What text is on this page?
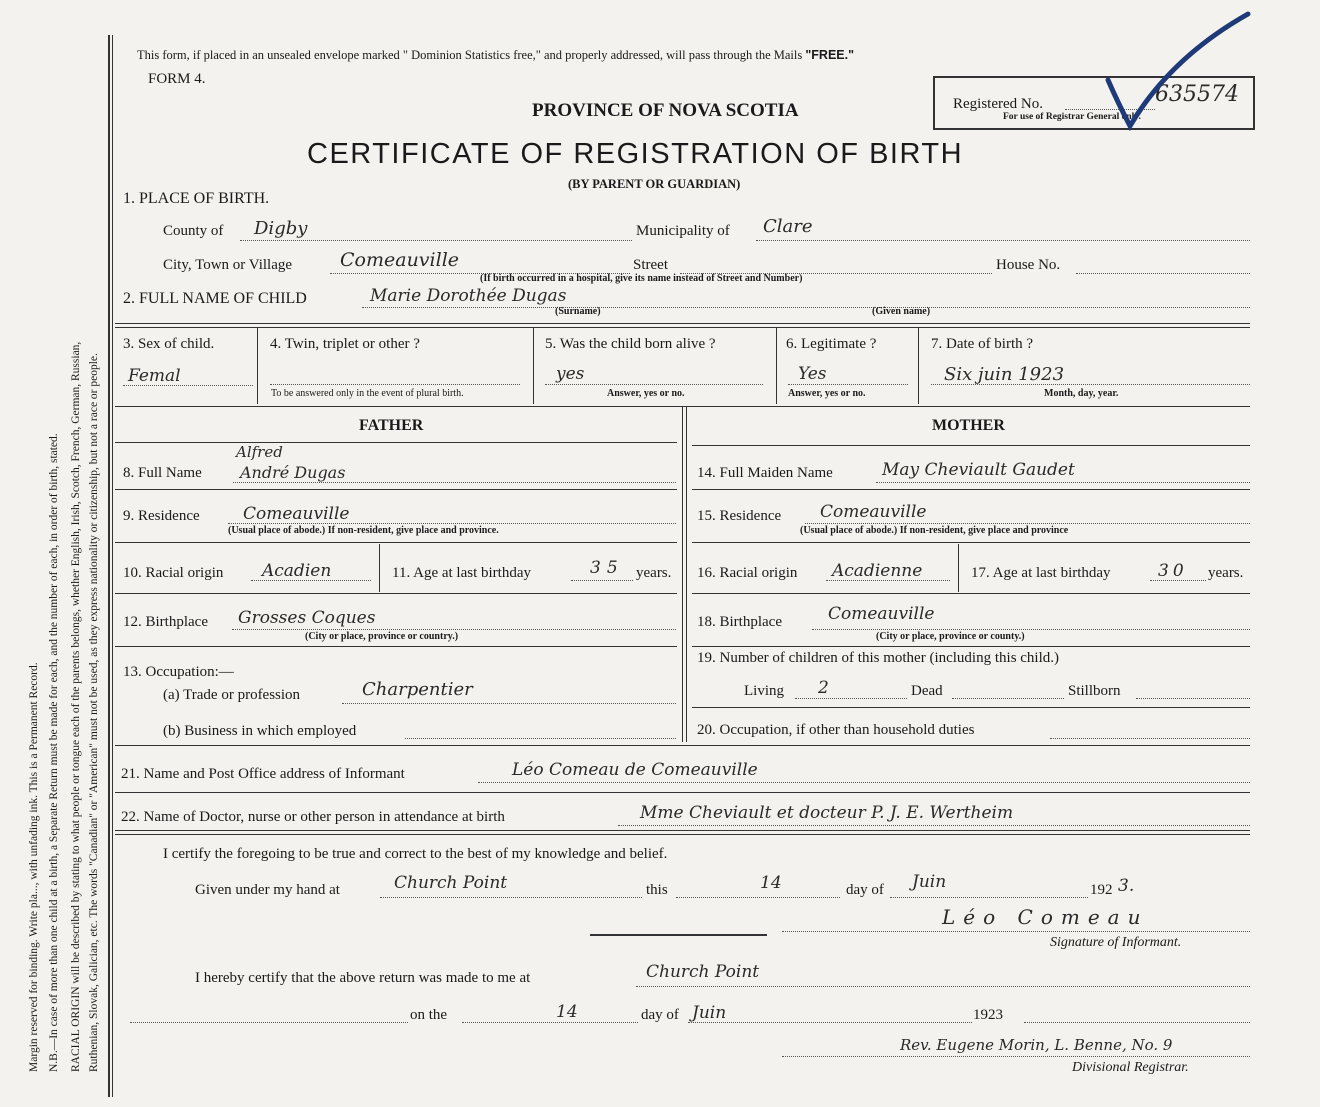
Margin reserved for binding. Write pla..., with unfading ink. This is a Permanent Record. N.B.—In case of more than one child at a birth, a Separate Return must be made for each, and the number of each, in order of birth, stated. RACIAL ORIGIN will be described by stating to what people or tongue each of the parents belongs, whether English, Irish, Scotch, French, German, Russian, Ruthenian, Slovak, Galician, etc. The words "Canadian" or "American" must not be used, as they express nationality or citizenship, but not a race or people.
This form, if placed in an unsealed envelope marked " Dominion Statistics free," and properly addressed, will pass through the Mails "FREE."
FORM 4.
PROVINCE OF NOVA SCOTIA	Registered No.	635574
For use of Registrar General only.
CERTIFICATE OF REGISTRATION OF BIRTH
(BY PARENT OR GUARDIAN)
1. PLACE OF BIRTH.
County of Digby	Municipality of Clare
City, Town or Village	Comeauville	Street	House No.
(If birth occurred in a hospital, give its name instead of Street and Number)
2. FULL NAME OF CHILD	Marie Dorothée Dugas
(Surname)	(Given name)
3. Sex of child.
Femal
4. Twin, triplet or other ?
To be answered only in the event of plural birth.
5. Was the child born alive ?
yes
Answer, yes or no.
6. Legitimate ?
Yes
Answer, yes or no.
7. Date of birth ?
Six juin 1923
Month, day, year.
FATHER
8. Full Name André Dugas
Alfred
9. Residence	Comeauville
(Usual place of abode.) If non-resident, give place and province.
10. Racial origin Acadien	11. Age at last birthday	35 years.
12. Birthplace Grosses Coques
(City or place, province or country.)
13. Occupation:—
(a) Trade or profession	Charpentier
(b) Business in which employed
MOTHER
14. Full Maiden Name	May Cheviault Gaudet
15. Residence Comeauville
(Usual place of abode.) If non-resident, give place and province
16. Racial origin Acadienne	17. Age at last birthday	30 years.
18. Birthplace	Comeauville
(City or place, province or county.)
19. Number of children of this mother (including this child.)
Living 2	Dead	Stillborn
20. Occupation, if other than household duties
21. Name and Post Office address of Informant	Léo Comeau de Comeauville
22. Name of Doctor, nurse or other person in attendance at birth	Mme Cheviault et docteur P. J. E. Wertheim
I certify the foregoing to be true and correct to the best of my knowledge and belief.
Given under my hand at	Church Point	this	14	day of Juin	192 3.
Léo Comeau
Signature of Informant.
I hereby certify that the above return was made to me at	Church Point
on the	14	day of Juin	1923
Rev. Eugene Morin, L. Benne, No. 9
Divisional Registrar.
